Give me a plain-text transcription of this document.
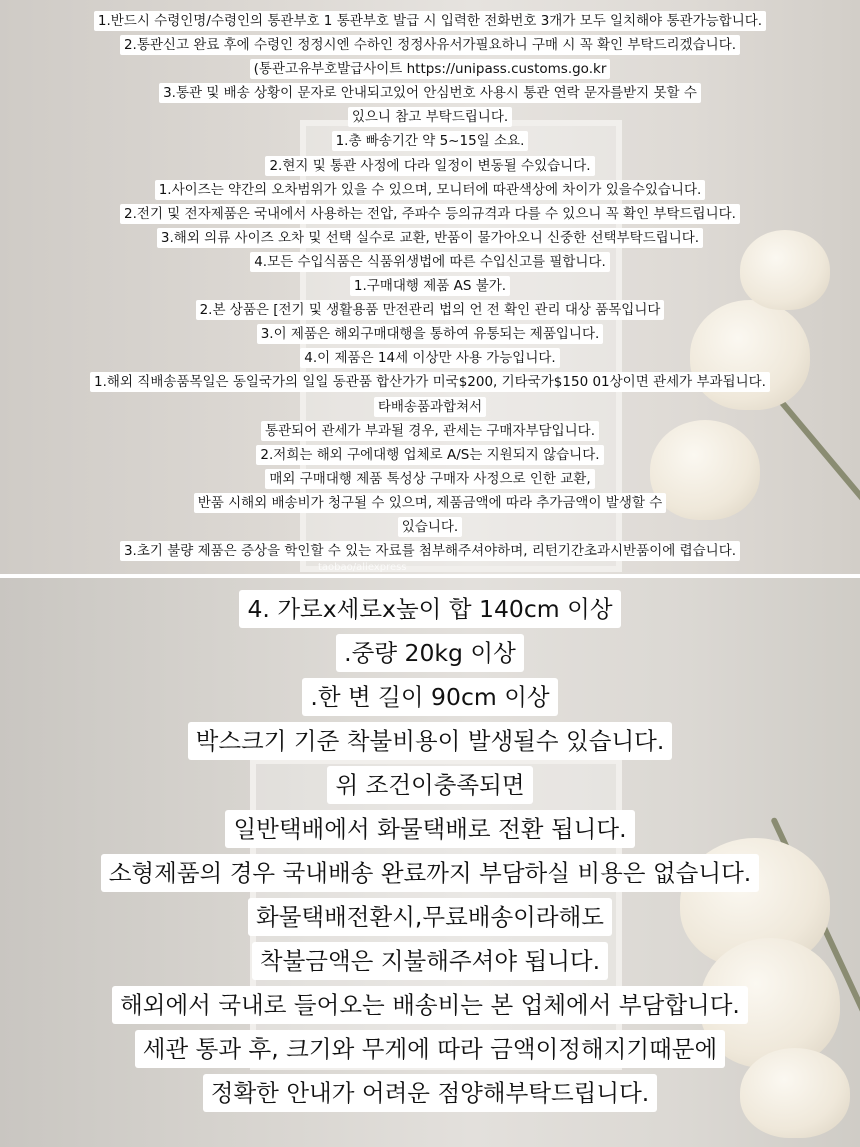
1.반드시 수령인명/수령인의 통관부호 1 통관부호 발급 시 입력한 전화번호 3개가 모두 일치해야 통관가능합니다.
2.통관신고 완료 후에 수령인 정정시엔 수하인 정정사유서가필요하니 구매 시 꼭 확인 부탁드리겠습니다.
(통관고유부호발급사이트 https://unipass.customs.go.kr
3.통관 및 배송 상황이 문자로 안내되고있어 안심번호 사용시 통관 연락 문자를받지 못할 수
있으니 참고 부탁드립니다.
1.총 빠송기간 약 5~15일 소요.
2.현지 및 통관 사정에 다라 일정이 변동될 수있습니다.
1.사이즈는 약간의 오차범위가 있을 수 있으며, 모니터에 따관색상에 차이가 있을수있습니다.
2.전기 및 전자제품은 국내에서 사용하는 전압, 주파수 등의규격과 다를 수 있으니 꼭 확인 부탁드립니다.
3.해외 의류 사이즈 오차 및 선택 실수로 교환, 반품이 물가아오니 신중한 선택부탁드립니다.
4.모든 수입식품은 식품위생법에 따른 수입신고를 필합니다.
1.구매대행 제품 AS 불가.
2.본 상품은 [전기 및 생활용품 만전관리 법의 언 전 확인 관리 대상 품목입니다
3.이 제품은 해외구매대행을 통하여 유통되는 제품입니다.
4.이 제품은 14세 이상만 사용 가능입니다.
1.해외 직배송품목일은 동일국가의 일일 동관품 합산가가 미국$200, 기타국가$150 01상이면 관세가 부과됩니다.
타배송품과합쳐서
통관되어 관세가 부과될 경우, 관세는 구매자부담입니다.
2.저희는 해외 구에대행 업체로 A/S는 지원되지 않습니다.
매외 구매대행 제품 톡성상 구매자 사정으로 인한 교환,
반품 시해외 배송비가 청구될 수 있으며, 제품금액에 따라 추가금액이 발생할 수
있습니다.
3.초기 불량 제품은 증상을 학인할 수 있는 자료를 첨부해주셔야하며, 리턴기간초과시반품이에 렵습니다.
taobao/aliexpress
4. 가로x세로x높이 합 140cm 이상
.중량 20kg 이상
.한 변 길이 90cm 이상
박스크기 기준 착불비용이 발생될수 있습니다.
위 조건이충족되면
일반택배에서 화물택배로 전환 됩니다.
소형제품의 경우 국내배송 완료까지 부담하실 비용은 없습니다.
화물택배전환시,무료배송이라해도
착불금액은 지불해주셔야 됩니다.
해외에서 국내로 들어오는 배송비는 본 업체에서 부담합니다.
세관 통과 후, 크기와 무게에 따라 금액이정해지기때문에
정확한 안내가 어려운 점양해부탁드립니다.
